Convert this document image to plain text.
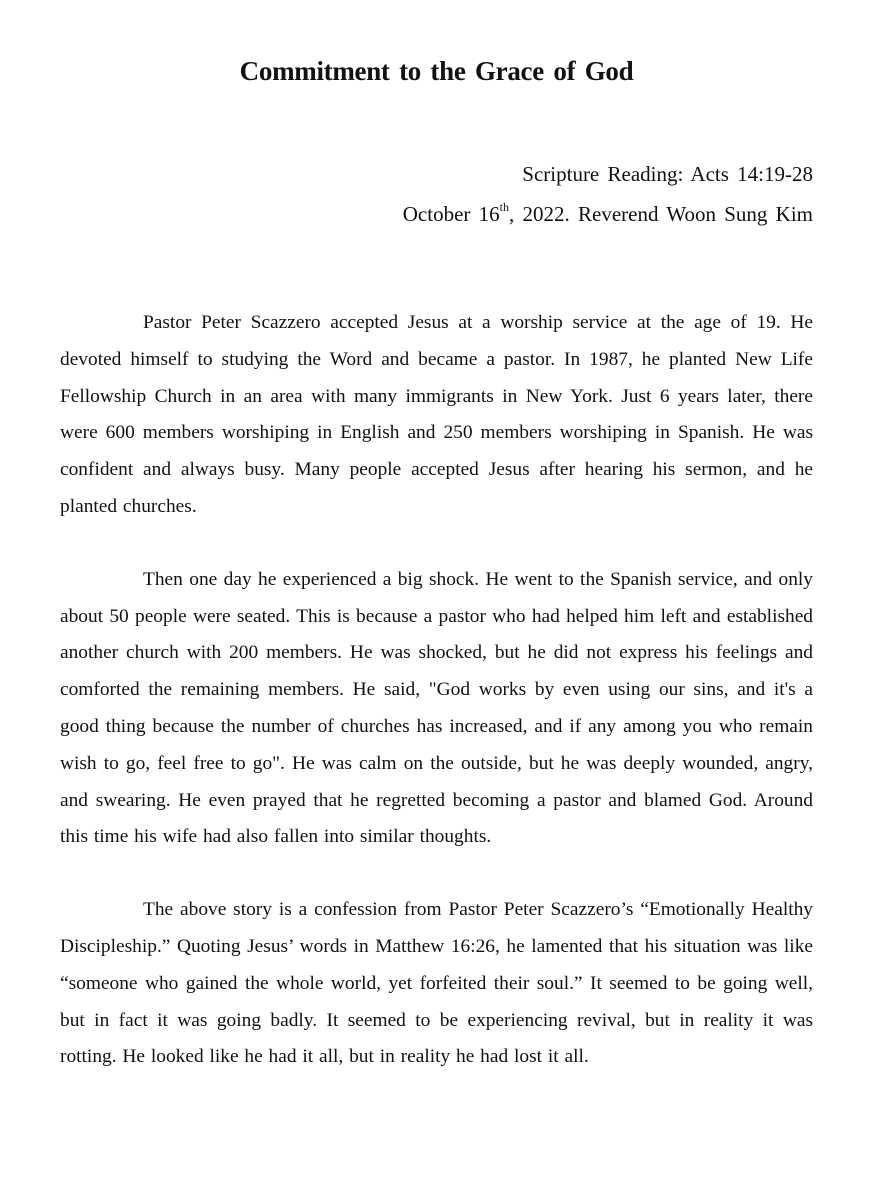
Commitment to the Grace of God
Scripture Reading: Acts 14:19-28
October 16th, 2022. Reverend Woon Sung Kim

Pastor Peter Scazzero accepted Jesus at a worship service at the age of 19. He devoted himself to studying the Word and became a pastor. In 1987, he planted New Life Fellowship Church in an area with many immigrants in New York. Just 6 years later, there were 600 members worshiping in English and 250 members worshiping in Spanish. He was confident and always busy. Many people accepted Jesus after hearing his sermon, and he planted churches.

Then one day he experienced a big shock. He went to the Spanish service, and only about 50 people were seated. This is because a pastor who had helped him left and established another church with 200 members. He was shocked, but he did not express his feelings and comforted the remaining members. He said, "God works by even using our sins, and it's a good thing because the number of churches has increased, and if any among you who remain wish to go, feel free to go". He was calm on the outside, but he was deeply wounded, angry, and swearing. He even prayed that he regretted becoming a pastor and blamed God. Around this time his wife had also fallen into similar thoughts.

The above story is a confession from Pastor Peter Scazzero’s “Emotionally Healthy Discipleship.” Quoting Jesus’ words in Matthew 16:26, he lamented that his situation was like “someone who gained the whole world, yet forfeited their soul.” It seemed to be going well, but in fact it was going badly. It seemed to be experiencing revival, but in reality it was rotting. He looked like he had it all, but in reality he had lost it all.
